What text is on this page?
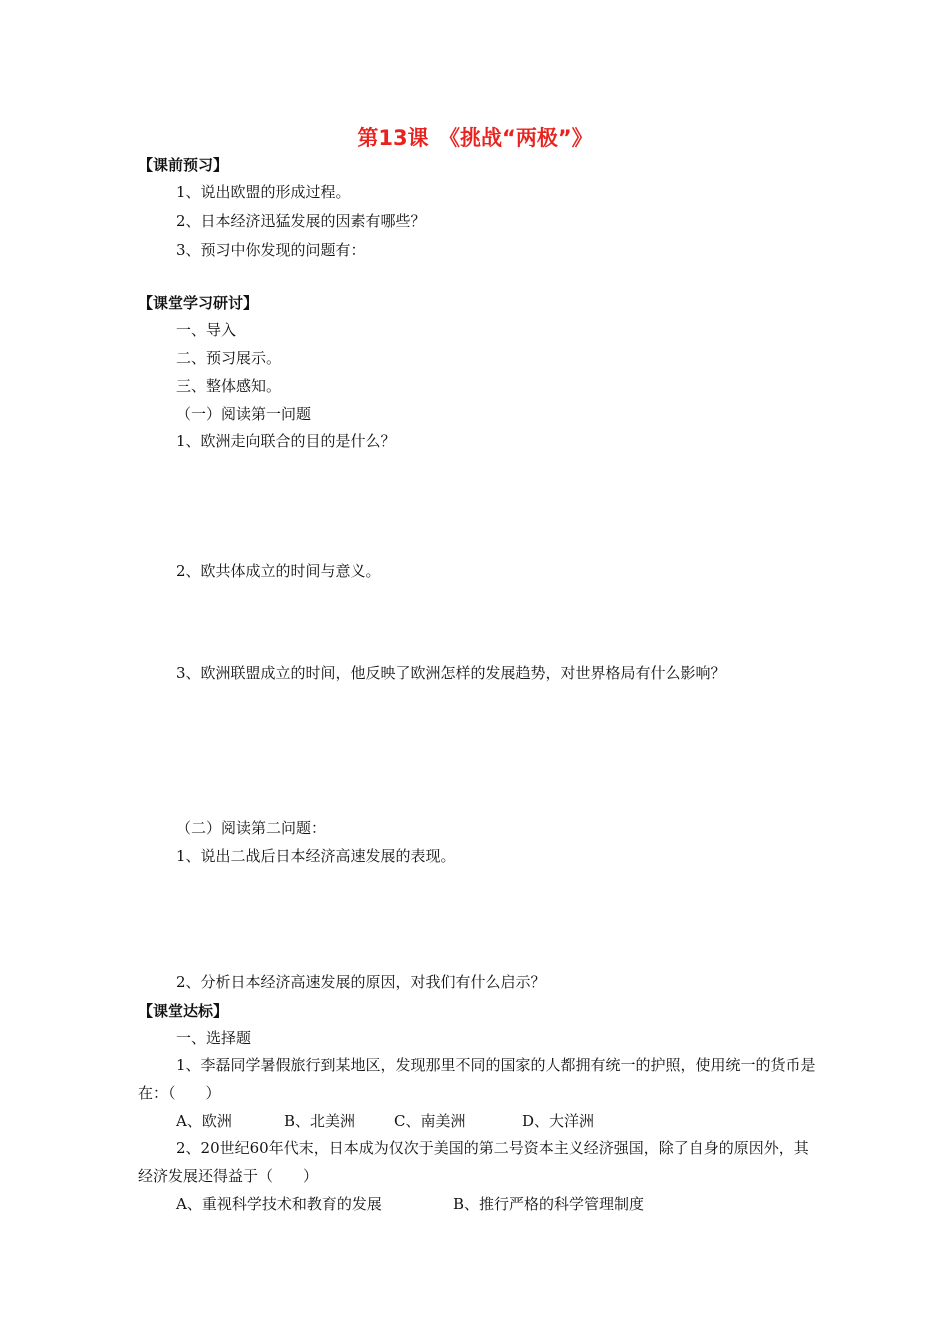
第13课　《挑战“两极”》
【课前预习】
1、说出欧盟的形成过程。
2、日本经济迅猛发展的因素有哪些？
3、预习中你发现的问题有：
【课堂学习研讨】
一、导入
二、预习展示。
三、整体感知。
（一）阅读第一问题
1、欧洲走向联合的目的是什么？
2、欧共体成立的时间与意义。
3、欧洲联盟成立的时间，他反映了欧洲怎样的发展趋势，对世界格局有什么影响？
（二）阅读第二问题：
1、说出二战后日本经济高速发展的表现。
2、分析日本经济高速发展的原因，对我们有什么启示？
【课堂达标】
一、选择题
1、李磊同学暑假旅行到某地区，发现那里不同的国家的人都拥有统一的护照，使用统一的货币是在：（　　）
A、欧洲	B、北美洲	C、南美洲	D、大洋洲
2、20世纪60年代末，日本成为仅次于美国的第二号资本主义经济强国，除了自身的原因外，其经济发展还得益于（　　）
A、重视科学技术和教育的发展	B、推行严格的科学管理制度
